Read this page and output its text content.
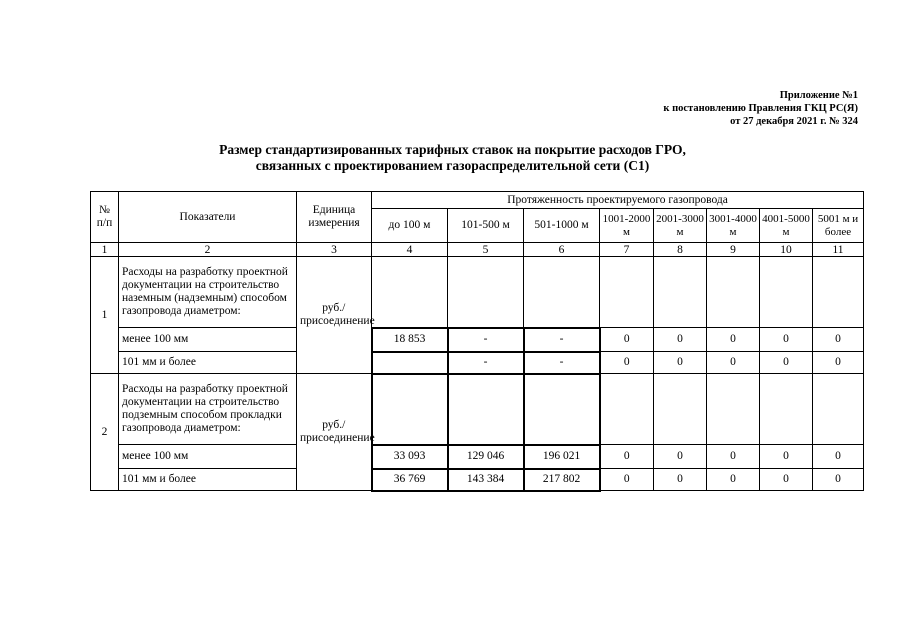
Приложение №1
к постановлению Правления ГКЦ РС(Я)
от 27 декабря 2021 г. № 324
Размер стандартизированных тарифных ставок на покрытие расходов ГРО,
связанных с проектированием газораспределительной сети (С1)
№ п/п	Показатели	Единица измерения	Протяженность проектируемого газопровода							
			до 100 м	101-500 м	501-1000 м	1001-2000 м	2001-3000 м	3001-4000 м	4001-5000 м	5001 м и более
1	2	3	4	5	6	7	8	9	10	11
1	Расходы на разработку проектной документации на строительство наземным (надземным) способом газопровода диаметром:	руб./присоединение								
	менее 100 мм		18 853	-	-	0	0	0	0	0
	101 мм и более			-	-	0	0	0	0	0
2	Расходы на разработку проектной документации на строительство подземным способом прокладки газопровода диаметром:	руб./присоединение								
	менее 100 мм		33 093	129 046	196 021	0	0	0	0	0
	101 мм и более		36 769	143 384	217 802	0	0	0	0	0
